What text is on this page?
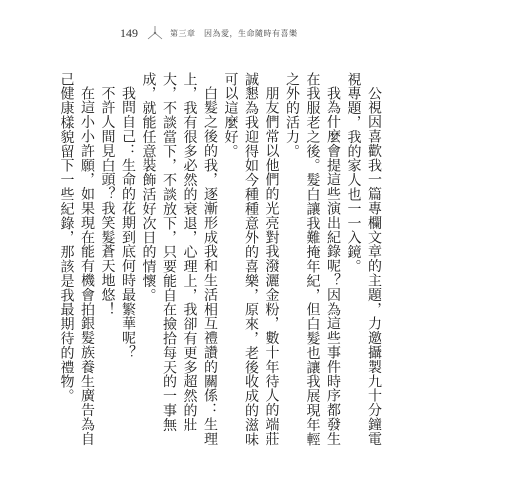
149	第三章　因為愛，生命隨時有喜樂

公視因喜歡我一篇專欄文章的主題，力邀攝製九十分鐘電視專題，我的家人也一一入鏡。

我為什麼會提這些演出紀錄呢？因為這些事件時序都發生在我服老之後。髮白讓我難掩年紀，但白髮也讓我展現年輕之外的活力。

朋友們常以他們的光亮對我潑灑金粉，數十年待人的端莊誠懇為我迎得如今種種意外的喜樂，原來，老後收成的滋味可以這麼好。

白髮之後的我，逐漸形成我和生活相互禮讚的關係：生理上，我有很多必然的衰退，心理上，我卻有更多超然的壯大，不談當下，不談放下，只要能自在撿拾每天的一事無成，就能任意裝飾活好次日的情懷。

我問自己：生命的花期到底何時最繁華呢？

不許人間見白頭？我笑髮蒼天地悠！

在這小小許願，如果現在能有機會拍銀髮族養生廣告為自己健康樣貌留下一些紀錄，那該是我最期待的禮物。
